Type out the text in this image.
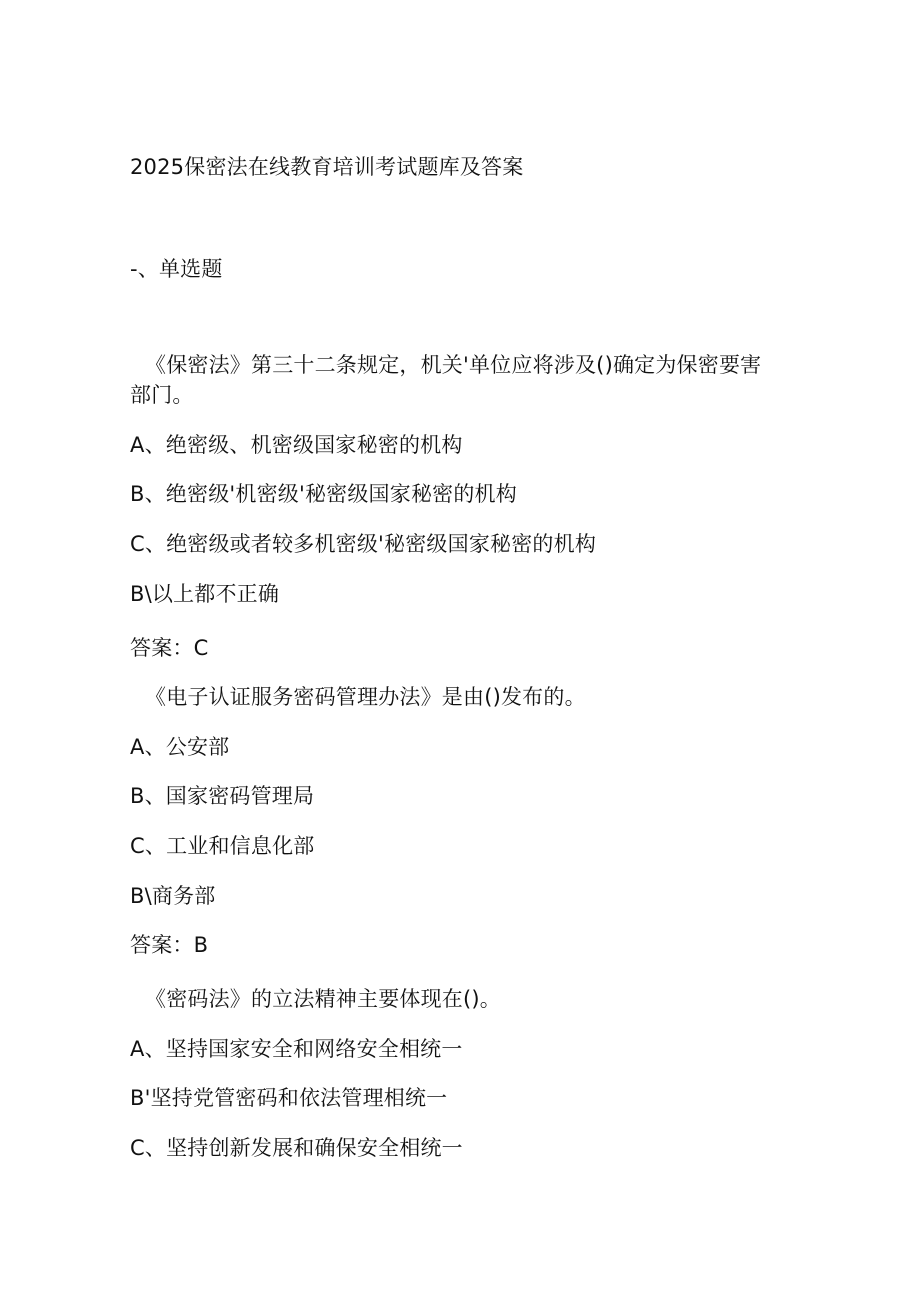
2025保密法在线教育培训考试题库及答案
-、单选题
《保密法》第三十二条规定，机关'单位应将涉及()确定为保密要害部门。
A、绝密级、机密级国家秘密的机构
B、绝密级'机密级'秘密级国家秘密的机构
C、绝密级或者较多机密级'秘密级国家秘密的机构
B\以上都不正确
答案：C
《电子认证服务密码管理办法》是由()发布的。
A、公安部
B、国家密码管理局
C、工业和信息化部
B\商务部
答案：B
《密码法》的立法精神主要体现在()。
A、坚持国家安全和网络安全相统一
B'坚持党管密码和依法管理相统一
C、坚持创新发展和确保安全相统一
